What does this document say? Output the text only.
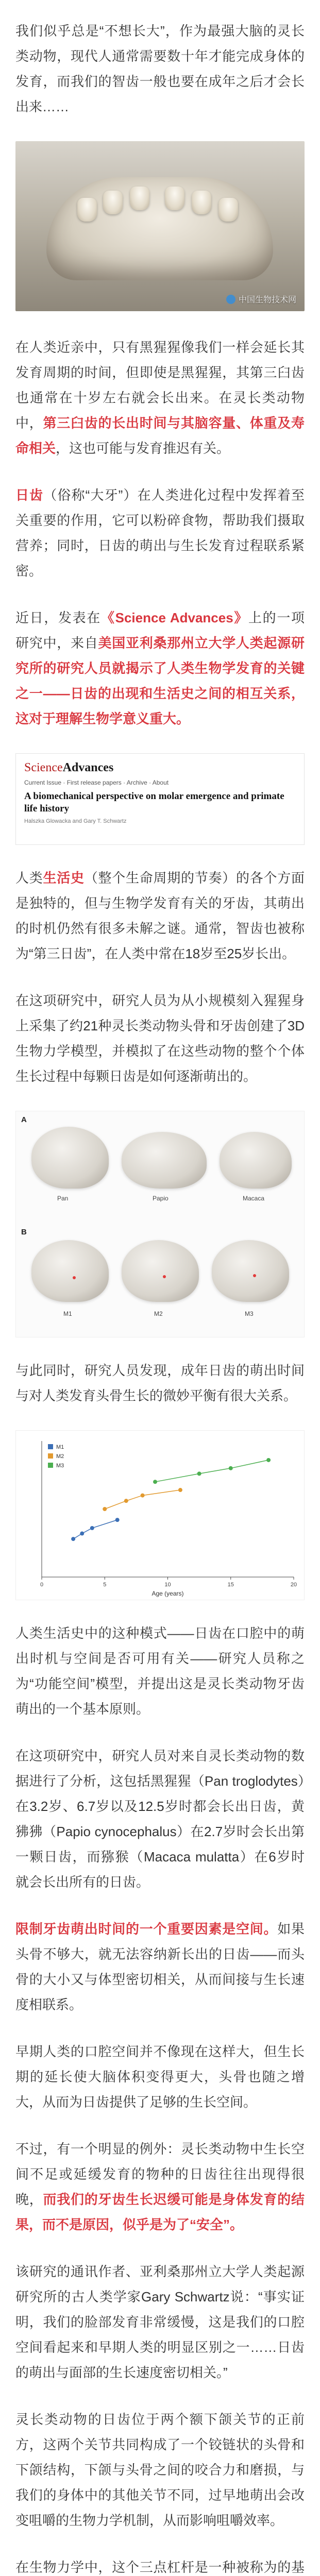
我们似乎总是“不想长大”，作为最强大脑的灵长类动物，现代人通常需要数十年才能完成身体的发育，而我们的智齿一般也要在成年之后才会长出来……

中国生物技术网

在人类近亲中，只有黑猩猩像我们一样会延长其发育周期的时间，但即使是黑猩猩，其第三臼齿也通常在十岁左右就会长出来。在灵长类动物中，第三臼齿的长出时间与其脑容量、体重及寿命相关，这也可能与发育推迟有关。

日齿（俗称“大牙”）在人类进化过程中发挥着至关重要的作用，它可以粉碎食物，帮助我们摄取营养；同时，日齿的萌出与生长发育过程联系紧密。

近日，发表在《Science Advances》上的一项研究中，来自美国亚利桑那州立大学人类起源研究所的研究人员就揭示了人类生物学发育的关键之一——日齿的出现和生活史之间的相互关系，这对于理解生物学意义重大。

ScienceAdvances
Current Issue · First release papers · Archive · About
A biomechanical perspective on molar emergence and primate life history
Halszka Glowacka and Gary T. Schwartz

人类生活史（整个生命周期的节奏）的各个方面是独特的，但与生物学发育有关的牙齿，其萌出的时机仍然有很多未解之谜。通常，智齿也被称为“第三日齿”，在人类中常在18岁至25岁长出。

在这项研究中，研究人员为从小规模刻入猩猩身上采集了约21种灵长类动物头骨和牙齿创建了3D生物力学模型，并模拟了在这些动物的整个个体生长过程中每颗日齿是如何逐渐萌出的。

A
B
Pan	Papio	Macaca
M1	M2	M3

与此同时，研究人员发现，成年日齿的萌出时间与对人类发育头骨生长的微妙平衡有很大关系。

0	5	10	15	20
Age (years)
M1
M2
M3

人类生活史中的这种模式——日齿在口腔中的萌出时机与空间是否可用有关——研究人员称之为“功能空间”模型，并提出这是灵长类动物牙齿萌出的一个基本原则。

在这项研究中，研究人员对来自灵长类动物的数据进行了分析，这包括黑猩猩（Pan troglodytes）在3.2岁、6.7岁以及12.5岁时都会长出日齿，黄狒狒（Papio cynocephalus）在2.7岁时会长出第一颗日齿，而猕猴（Macaca mulatta）在6岁时就会长出所有的日齿。

限制牙齿萌出时间的一个重要因素是空间。如果头骨不够大，就无法容纳新长出的日齿——而头骨的大小又与体型密切相关，从而间接与生长速度相联系。

早期人类的口腔空间并不像现在这样大，但生长期的延长使大脑体积变得更大，头骨也随之增大，从而为日齿提供了足够的生长空间。

不过，有一个明显的例外：灵长类动物中生长空间不足或延缓发育的物种的日齿往往出现得很晚，而我们的牙齿生长迟缓可能是身体发育的结果，而不是原因，似乎是为了“安全”。

该研究的通讯作者、亚利桑那州立大学人类起源研究所的古人类学家Gary Schwartz说：“事实证明，我们的脸部发育非常缓慢，这是我们的口腔空间看起来和早期人类的明显区别之一……日齿的萌出与面部的生长速度密切相关。”

灵长类动物的日齿位于两个额下颌关节的正前方，这两个关节共同构成了一个铰链状的头骨和下颌结构，下颌与头骨之间的咬合力和磨损，与我们的身体中的其他关节不同，过早地萌出会改变咀嚼的生物力学机制，从而影响咀嚼效率。

在生物力学中，这个三点杠杆是一种被称为的基
